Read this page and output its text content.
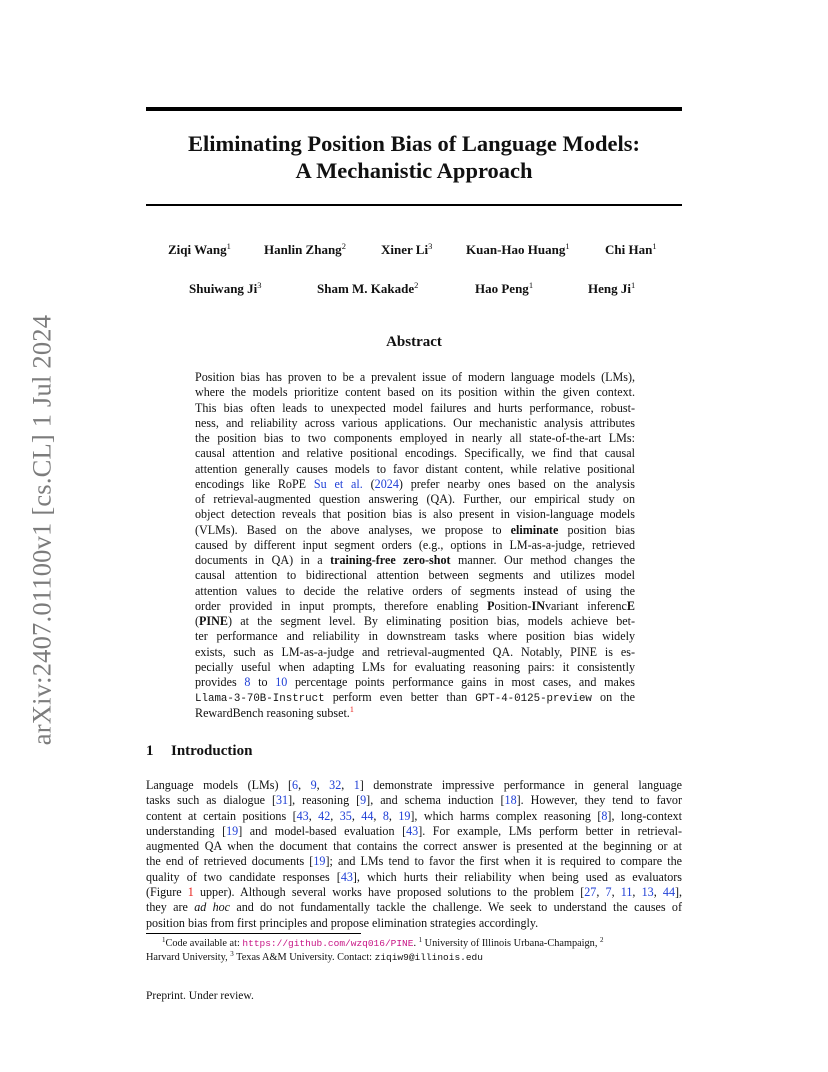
arXiv:2407.01100v1 [cs.CL] 1 Jul 2024
Eliminating Position Bias of Language Models:
A Mechanistic Approach
Ziqi Wang$^1$	Hanlin Zhang$^2$	Xiner Li$^3$	Kuan-Hao Huang$^1$	Chi Han$^1$
Shuiwang Ji$^3$	Sham M. Kakade$^2$	Hao Peng$^1$	Heng Ji$^1$
Abstract
Position bias has proven to be a prevalent issue of modern language models (LMs),
where the models prioritize content based on its position within the given context.
This bias often leads to unexpected model failures and hurts performance, robust-
ness, and reliability across various applications. Our mechanistic analysis attributes
the position bias to two components employed in nearly all state-of-the-art LMs:
causal attention and relative positional encodings. Specifically, we find that causal
attention generally causes models to favor distant content, while relative positional
encodings like RoPE Su et al. (2024) prefer nearby ones based on the analysis
of retrieval-augmented question answering (QA). Further, our empirical study on
object detection reveals that position bias is also present in vision-language models
(VLMs). Based on the above analyses, we propose to eliminate position bias
caused by different input segment orders (e.g., options in LM-as-a-judge, retrieved
documents in QA) in a training-free zero-shot manner. Our method changes the
causal attention to bidirectional attention between segments and utilizes model
attention values to decide the relative orders of segments instead of using the
order provided in input prompts, therefore enabling Position-INvariant inferencE
(PINE) at the segment level. By eliminating position bias, models achieve bet-
ter performance and reliability in downstream tasks where position bias widely
exists, such as LM-as-a-judge and retrieval-augmented QA. Notably, PINE is es-
pecially useful when adapting LMs for evaluating reasoning pairs: it consistently
provides 8 to 10 percentage points performance gains in most cases, and makes
Llama-3-70B-Instruct perform even better than GPT-4-0125-preview on the
RewardBench reasoning subset.$^1$
1 Introduction
Language models (LMs) [6, 9, 32, 1] demonstrate impressive performance in general language
tasks such as dialogue [31], reasoning [9], and schema induction [18]. However, they tend to favor
content at certain positions [43, 42, 35, 44, 8, 19], which harms complex reasoning [8], long-context
understanding [19] and model-based evaluation [43]. For example, LMs perform better in retrieval-
augmented QA when the document that contains the correct answer is presented at the beginning or at
the end of retrieved documents [19]; and LMs tend to favor the first when it is required to compare the
quality of two candidate responses [43], which hurts their reliability when being used as evaluators
(Figure 1 upper). Although several works have proposed solutions to the problem [27, 7, 11, 13, 44],
they are ad hoc and do not fundamentally tackle the challenge. We seek to understand the causes of
position bias from first principles and propose elimination strategies accordingly.
$^1$Code available at: https://github.com/wzq016/PINE. $^1$ University of Illinois Urbana-Champaign, $^2$
Harvard University, $^3$ Texas A&M University. Contact: ziqiw9@illinois.edu
Preprint. Under review.
